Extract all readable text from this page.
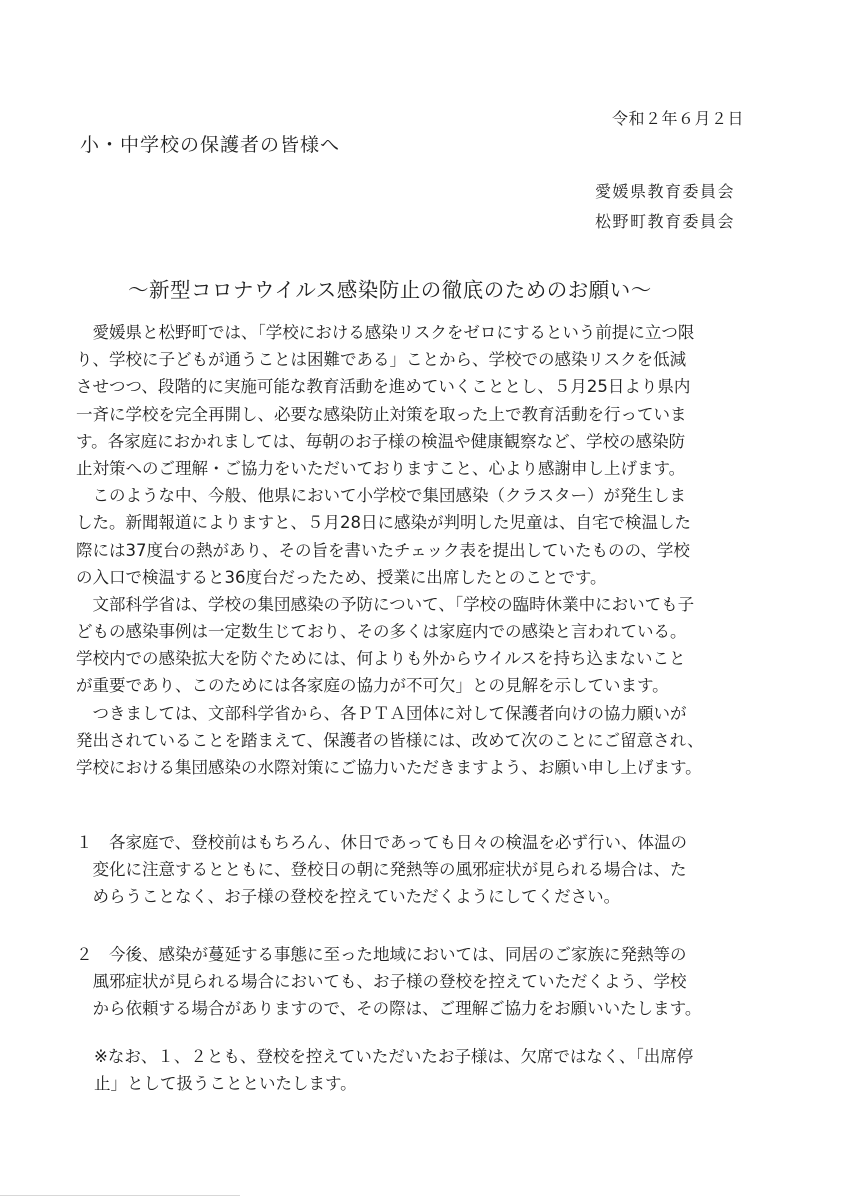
令和２年６月２日
小・中学校の保護者の皆様へ
愛媛県教育委員会
松野町教育委員会
～新型コロナウイルス感染防止の徹底のためのお願い～
　愛媛県と松野町では、「学校における感染リスクをゼロにするという前提に立つ限
り、学校に子どもが通うことは困難である」ことから、学校での感染リスクを低減
させつつ、段階的に実施可能な教育活動を進めていくこととし、５月25日より県内
一斉に学校を完全再開し、必要な感染防止対策を取った上で教育活動を行っていま
す。各家庭におかれましては、毎朝のお子様の検温や健康観察など、学校の感染防
止対策へのご理解・ご協力をいただいておりますこと、心より感謝申し上げます。
　このような中、今般、他県において小学校で集団感染（クラスター）が発生しま
した。新聞報道によりますと、５月28日に感染が判明した児童は、自宅で検温した
際には37度台の熱があり、その旨を書いたチェック表を提出していたものの、学校
の入口で検温すると36度台だったため、授業に出席したとのことです。
　文部科学省は、学校の集団感染の予防について、「学校の臨時休業中においても子
どもの感染事例は一定数生じており、その多くは家庭内での感染と言われている。
学校内での感染拡大を防ぐためには、何よりも外からウイルスを持ち込まないこと
が重要であり、このためには各家庭の協力が不可欠」との見解を示しています。
　つきましては、文部科学省から、各ＰＴＡ団体に対して保護者向けの協力願いが
発出されていることを踏まえて、保護者の皆様には、改めて次のことにご留意され、
学校における集団感染の水際対策にご協力いただきますよう、お願い申し上げます。
１　各家庭で、登校前はもちろん、休日であっても日々の検温を必ず行い、体温の
　変化に注意するとともに、登校日の朝に発熱等の風邪症状が見られる場合は、た
　めらうことなく、お子様の登校を控えていただくようにしてください。
２　今後、感染が蔓延する事態に至った地域においては、同居のご家族に発熱等の
　風邪症状が見られる場合においても、お子様の登校を控えていただくよう、学校
　から依頼する場合がありますので、その際は、ご理解ご協力をお願いいたします。
※なお、１、２とも、登校を控えていただいたお子様は、欠席ではなく、「出席停
止」として扱うことといたします。
